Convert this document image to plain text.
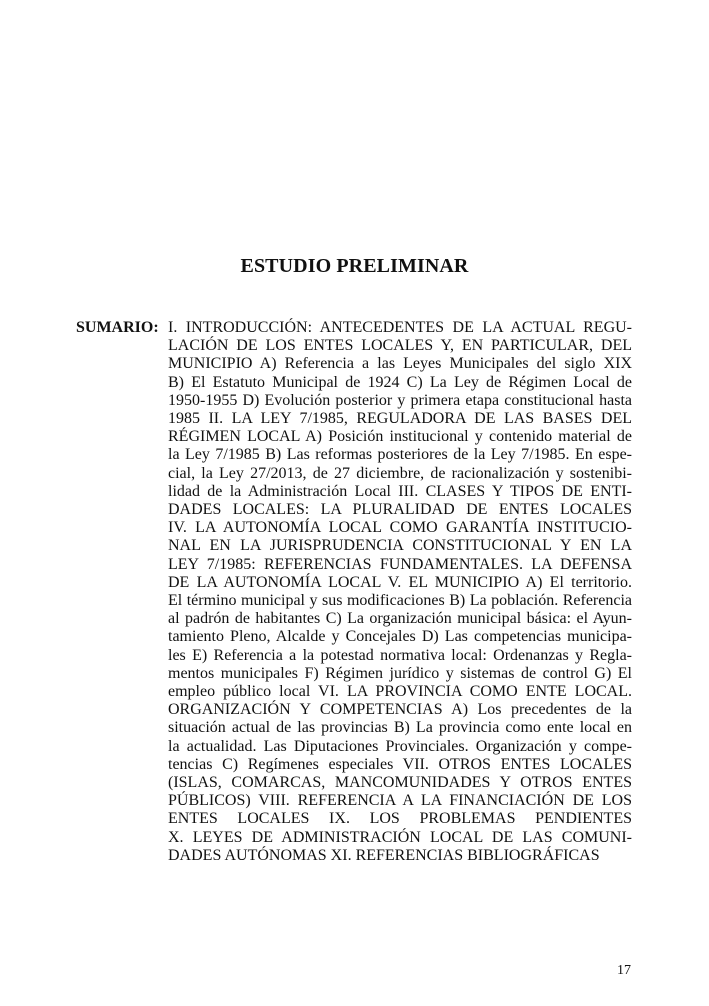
ESTUDIO PRELIMINAR
SUMARIO: I. INTRODUCCIÓN: ANTECEDENTES DE LA ACTUAL REGU-
LACIÓN DE LOS ENTES LOCALES Y, EN PARTICULAR, DEL
MUNICIPIO A) Referencia a las Leyes Municipales del siglo XIX
B) El Estatuto Municipal de 1924 C) La Ley de Régimen Local de
1950-1955 D) Evolución posterior y primera etapa constitucional hasta
1985 II. LA LEY 7/1985, REGULADORA DE LAS BASES DEL
RÉGIMEN LOCAL A) Posición institucional y contenido material de
la Ley 7/1985 B) Las reformas posteriores de la Ley 7/1985. En espe-
cial, la Ley 27/2013, de 27 diciembre, de racionalización y sostenibi-
lidad de la Administración Local III. CLASES Y TIPOS DE ENTI-
DADES LOCALES: LA PLURALIDAD DE ENTES LOCALES
IV. LA AUTONOMÍA LOCAL COMO GARANTÍA INSTITUCIO-
NAL EN LA JURISPRUDENCIA CONSTITUCIONAL Y EN LA
LEY 7/1985: REFERENCIAS FUNDAMENTALES. LA DEFENSA
DE LA AUTONOMÍA LOCAL V. EL MUNICIPIO A) El territorio.
El término municipal y sus modificaciones B) La población. Referencia
al padrón de habitantes C) La organización municipal básica: el Ayun-
tamiento Pleno, Alcalde y Concejales D) Las competencias municipa-
les E) Referencia a la potestad normativa local: Ordenanzas y Regla-
mentos municipales F) Régimen jurídico y sistemas de control G) El
empleo público local VI. LA PROVINCIA COMO ENTE LOCAL.
ORGANIZACIÓN Y COMPETENCIAS A) Los precedentes de la
situación actual de las provincias B) La provincia como ente local en
la actualidad. Las Diputaciones Provinciales. Organización y compe-
tencias C) Regímenes especiales VII. OTROS ENTES LOCALES
(ISLAS, COMARCAS, MANCOMUNIDADES Y OTROS ENTES
PÚBLICOS) VIII. REFERENCIA A LA FINANCIACIÓN DE LOS
ENTES LOCALES IX. LOS PROBLEMAS PENDIENTES
X. LEYES DE ADMINISTRACIÓN LOCAL DE LAS COMUNI-
DADES AUTÓNOMAS XI. REFERENCIAS BIBLIOGRÁFICAS
17
